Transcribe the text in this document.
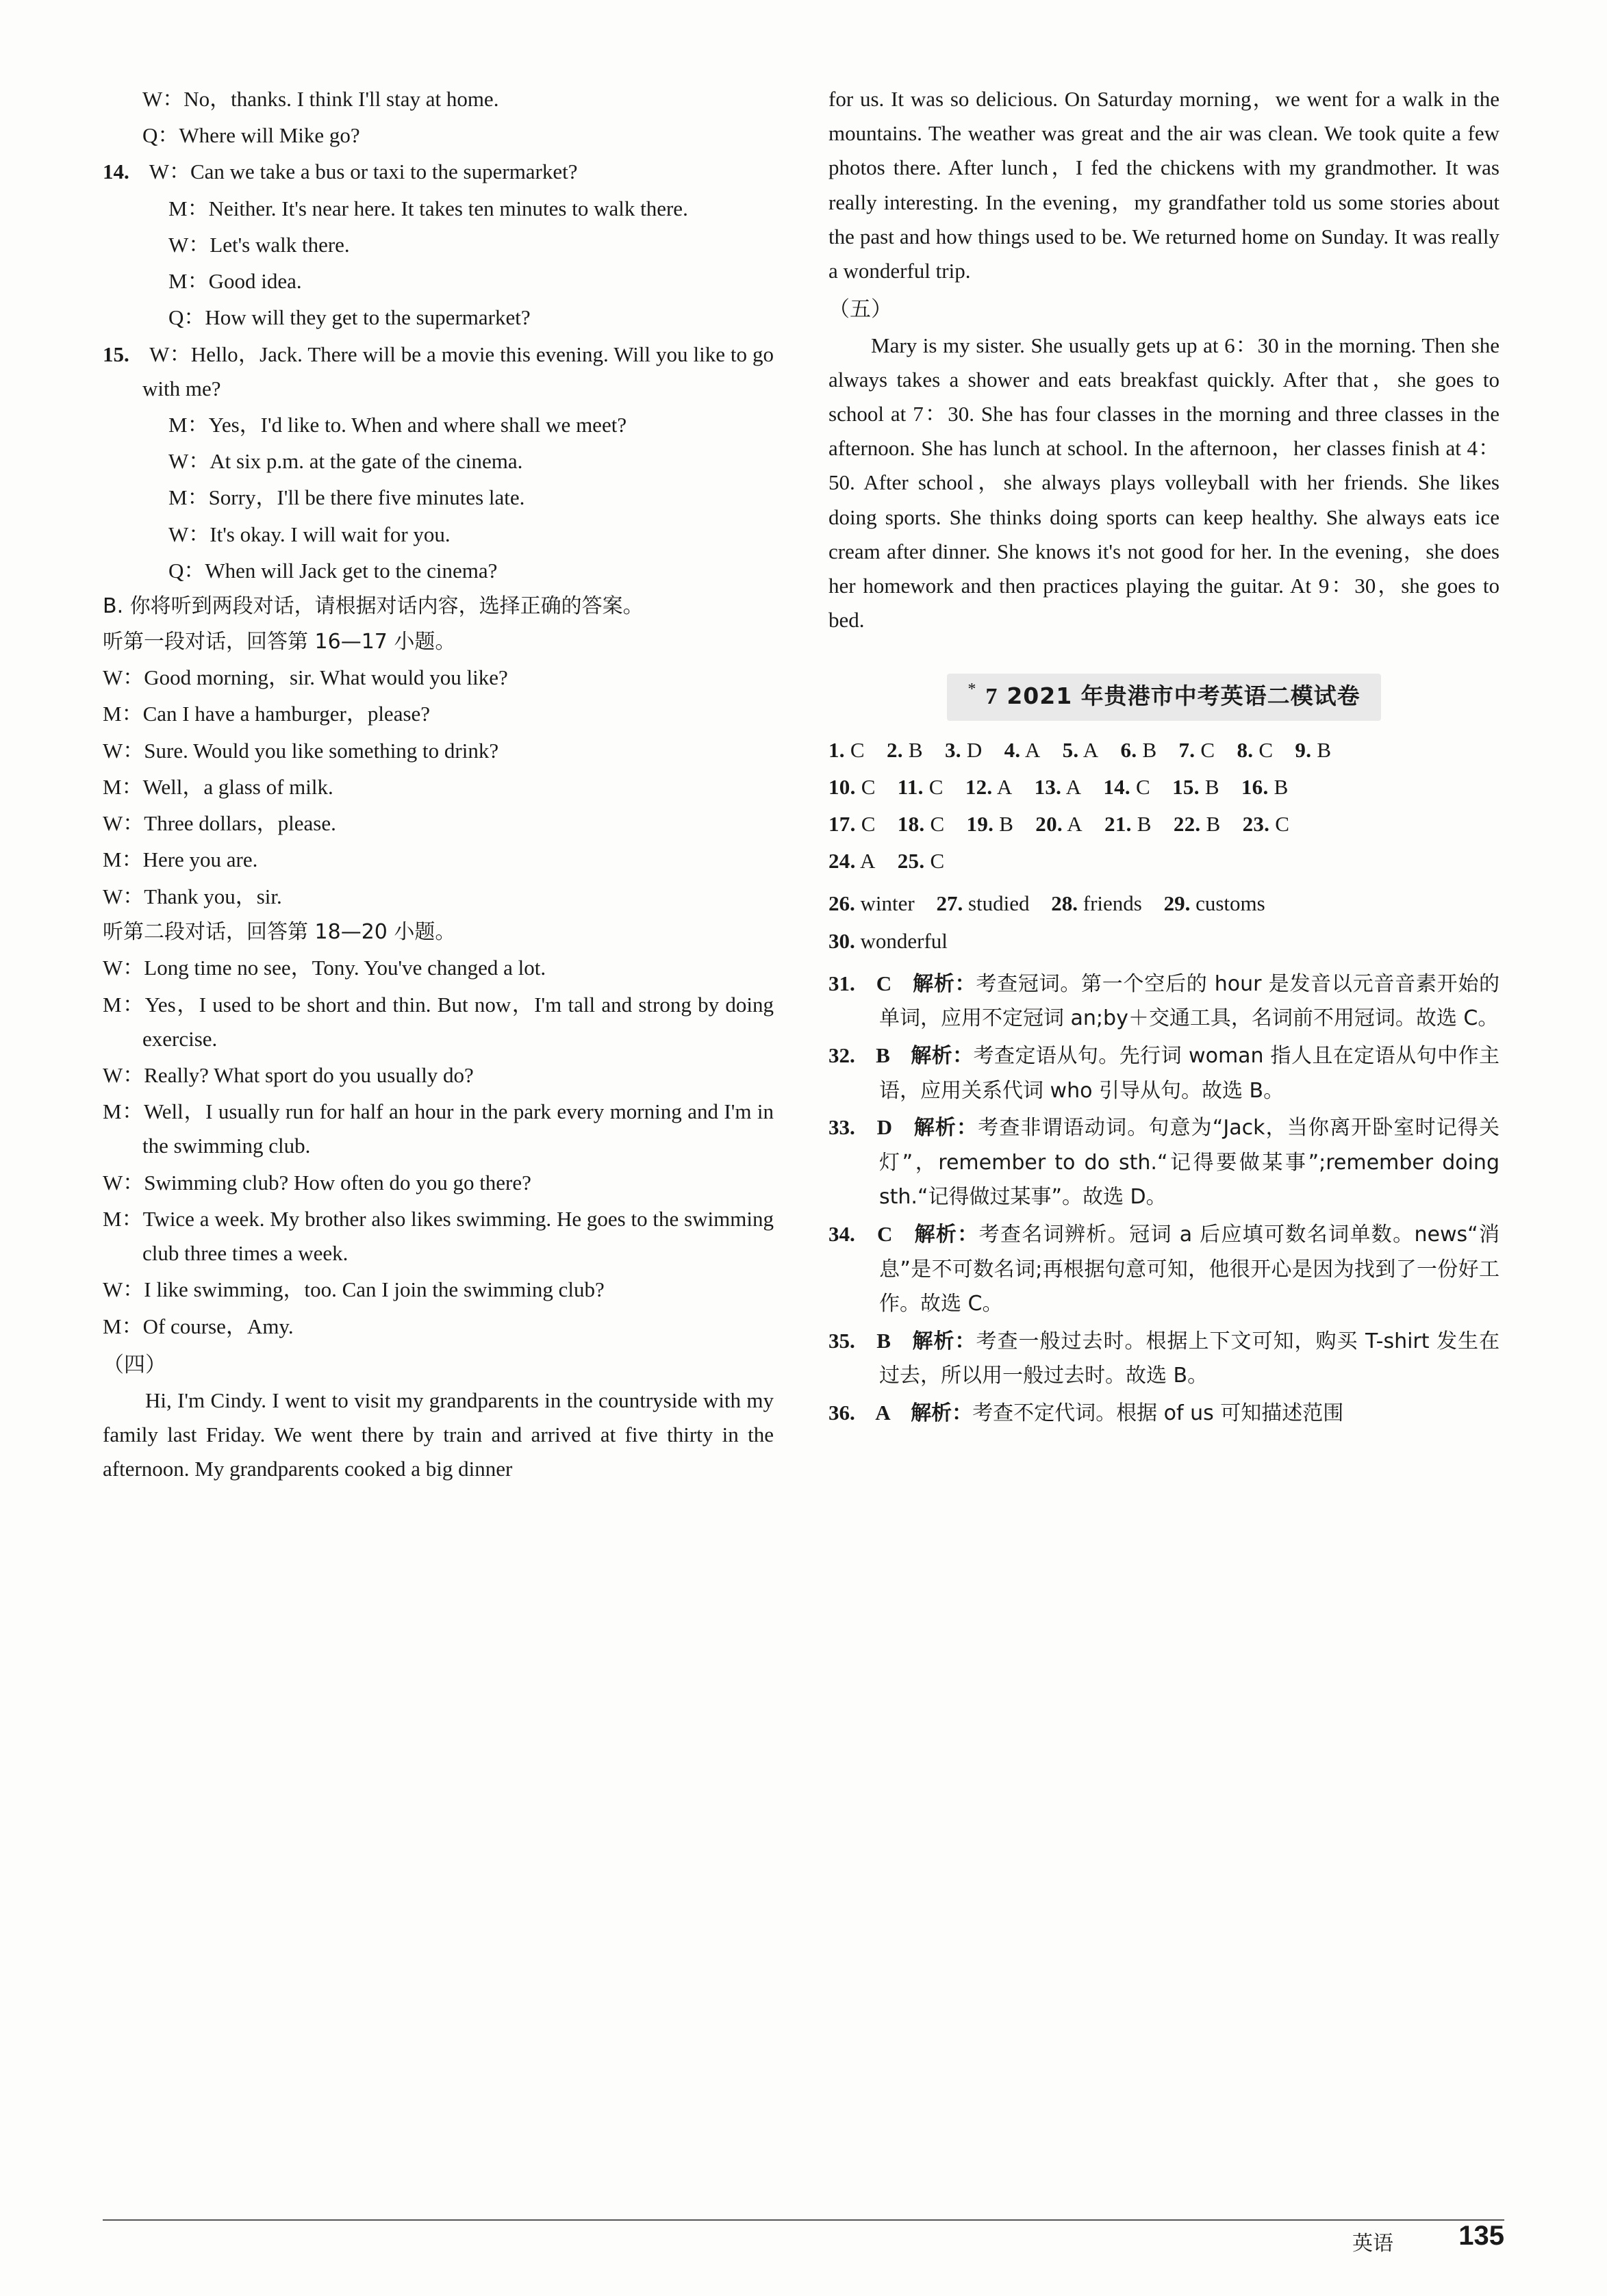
W：No，thanks. I think I'll stay at home.
Q：Where will Mike go?
14. W：Can we take a bus or taxi to the supermarket?
M：Neither. It's near here. It takes ten minutes to walk there.
W：Let's walk there.
M：Good idea.
Q：How will they get to the supermarket?
15. W：Hello，Jack. There will be a movie this evening. Will you like to go with me?
M：Yes，I'd like to. When and where shall we meet?
W：At six p.m. at the gate of the cinema.
M：Sorry，I'll be there five minutes late.
W：It's okay. I will wait for you.
Q：When will Jack get to the cinema?
B. 你将听到两段对话，请根据对话内容，选择正确的答案。
听第一段对话，回答第 16—17 小题。
W：Good morning，sir. What would you like?
M：Can I have a hamburger，please?
W：Sure. Would you like something to drink?
M：Well，a glass of milk.
W：Three dollars，please.
M：Here you are.
W：Thank you，sir.
听第二段对话，回答第 18—20 小题。
W：Long time no see，Tony. You've changed a lot.
M：Yes，I used to be short and thin. But now，I'm tall and strong by doing exercise.
W：Really? What sport do you usually do?
M：Well，I usually run for half an hour in the park every morning and I'm in the swimming club.
W：Swimming club? How often do you go there?
M：Twice a week. My brother also likes swimming. He goes to the swimming club three times a week.
W：I like swimming，too. Can I join the swimming club?
M：Of course，Amy.
（四）
Hi, I'm Cindy. I went to visit my grandparents in the countryside with my family last Friday. We went there by train and arrived at five thirty in the afternoon. My grandparents cooked a big dinner
for us. It was so delicious. On Saturday morning，we went for a walk in the mountains. The weather was great and the air was clean. We took quite a few photos there. After lunch，I fed the chickens with my grandmother. It was really interesting. In the evening，my grandfather told us some stories about the past and how things used to be. We returned home on Sunday. It was really a wonderful trip.
（五）
Mary is my sister. She usually gets up at 6：30 in the morning. Then she always takes a shower and eats breakfast quickly. After that，she goes to school at 7：30. She has four classes in the morning and three classes in the afternoon. She has lunch at school. In the afternoon，her classes finish at 4：50. After school，she always plays volleyball with her friends. She likes doing sports. She thinks doing sports can keep healthy. She always eats ice cream after dinner. She knows it's not good for her. In the evening，she does her homework and then practices playing the guitar. At 9：30，she goes to bed.
* 7 2021 年贵港市中考英语二模试卷
1. C 2. B 3. D 4. A 5. A 6. B 7. C 8. C 9. B
10. C 11. C 12. A 13. A 14. C 15. B 16. B
17. C 18. C 19. B 20. A 21. B 22. B 23. C
24. A 25. C
26. winter 27. studied 28. friends 29. customs
30. wonderful
31. C 解析：考查冠词。第一个空后的 hour 是发音以元音音素开始的单词，应用不定冠词 an;by＋交通工具，名词前不用冠词。故选 C。
32. B 解析：考查定语从句。先行词 woman 指人且在定语从句中作主语，应用关系代词 who 引导从句。故选 B。
33. D 解析：考查非谓语动词。句意为“Jack，当你离开卧室时记得关灯”，remember to do sth.“记得要做某事”;remember doing sth.“记得做过某事”。故选 D。
34. C 解析：考查名词辨析。冠词 a 后应填可数名词单数。news“消息”是不可数名词;再根据句意可知，他很开心是因为找到了一份好工作。故选 C。
35. B 解析：考查一般过去时。根据上下文可知，购买 T-shirt 发生在过去，所以用一般过去时。故选 B。
36. A 解析：考查不定代词。根据 of us 可知描述范围
英语 135
